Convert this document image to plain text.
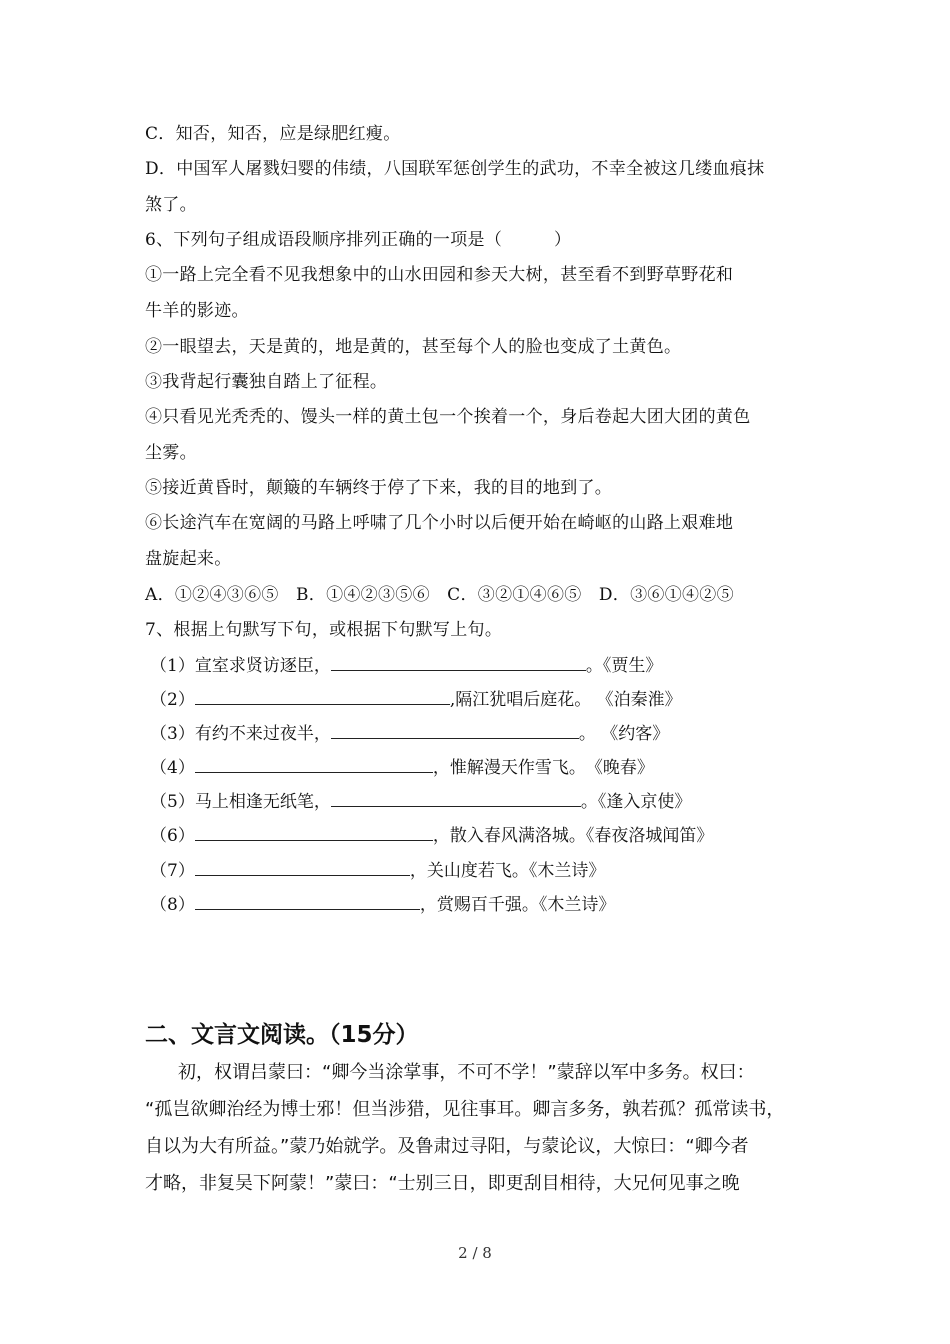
C．知否，知否，应是绿肥红瘦。
D．中国军人屠戮妇婴的伟绩，八国联军惩创学生的武功，不幸全被这几缕血痕抹
煞了。
6、下列句子组成语段顺序排列正确的一项是（　　　）
①一路上完全看不见我想象中的山水田园和参天大树，甚至看不到野草野花和
牛羊的影迹。
②一眼望去，天是黄的，地是黄的，甚至每个人的脸也变成了土黄色。
③我背起行囊独自踏上了征程。
④只看见光秃秃的、馒头一样的黄土包一个挨着一个，身后卷起大团大团的黄色
尘雾。
⑤接近黄昏时，颠簸的车辆终于停了下来，我的目的地到了。
⑥长途汽车在宽阔的马路上呼啸了几个小时以后便开始在崎岖的山路上艰难地
盘旋起来。
A．①②④③⑥⑤　B．①④②③⑤⑥　C．③②①④⑥⑤　D．③⑥①④②⑤
7、根据上句默写下句，或根据下句默写上句。
（1）宣室求贤访逐臣，	。《贾生》
（2）	,隔江犹唱后庭花。 《泊秦淮》
（3）有约不来过夜半，	。 《约客》
（4）	，惟解漫天作雪飞。　《晚春》
（5）马上相逢无纸笔，	。《逢入京使》
（6）	，散入春风满洛城。《春夜洛城闻笛》
（7）	，关山度若飞。《木兰诗》
（8）	，赏赐百千强。《木兰诗》
二、文言文阅读。（15分）
初，权谓吕蒙曰：“卿今当涂掌事，不可不学！”蒙辞以军中多务。权曰：
“孤岂欲卿治经为博士邪！但当涉猎，见往事耳。卿言多务，孰若孤？孤常读书，
自以为大有所益。”蒙乃始就学。及鲁肃过寻阳，与蒙论议，大惊曰：“卿今者
才略，非复吴下阿蒙！”蒙曰：“士别三日，即更刮目相待，大兄何见事之晚
2 / 8
